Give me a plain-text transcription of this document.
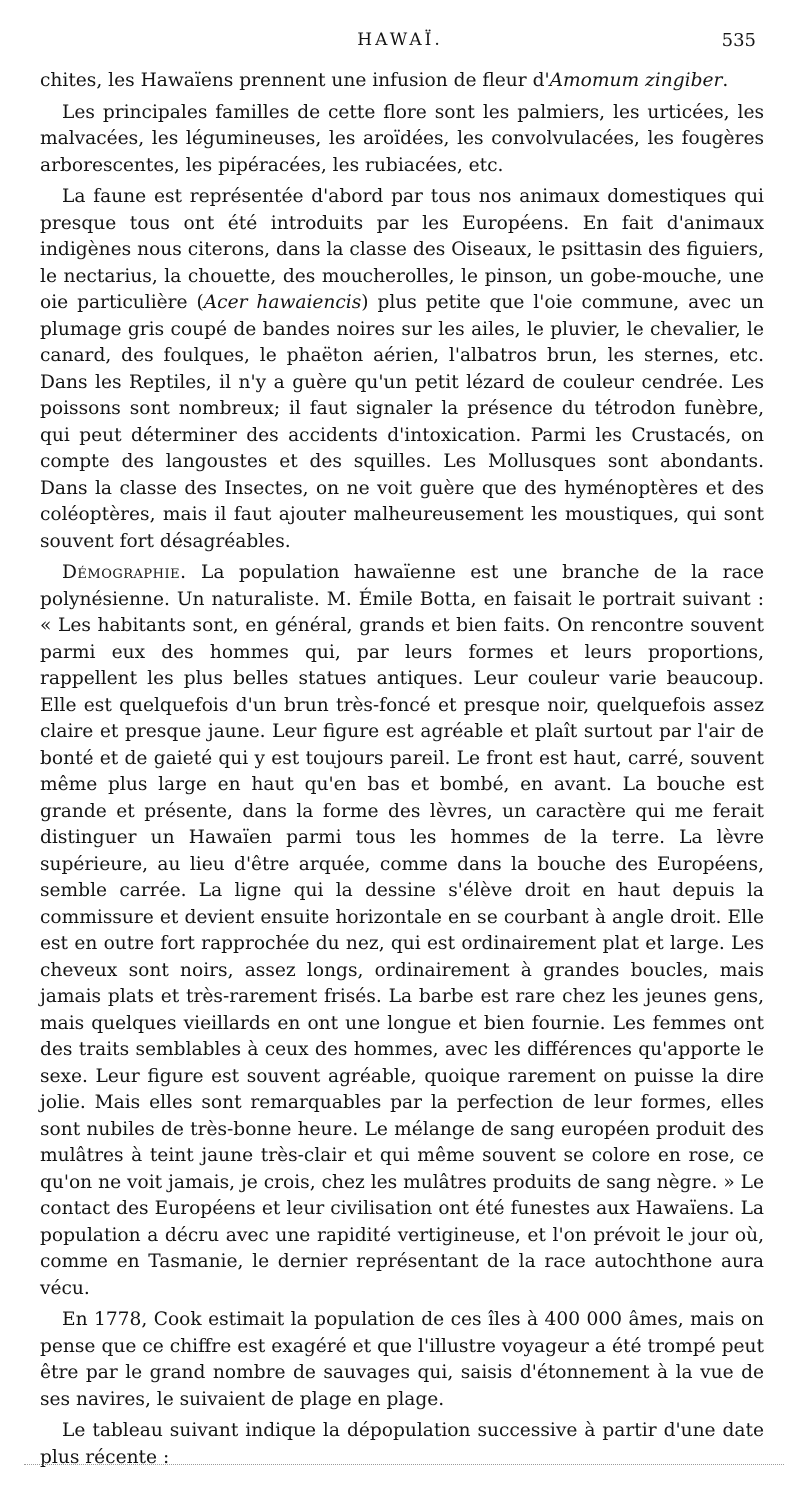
HAWAÏ.	535

chites, les Hawaïens prennent une infusion de fleur d'Amomum zingiber.

Les principales familles de cette flore sont les palmiers, les urticées, les malvacées, les légumineuses, les aroïdées, les convolvulacées, les fougères arborescentes, les pipéracées, les rubiacées, etc.

La faune est représentée d'abord par tous nos animaux domestiques qui presque tous ont été introduits par les Européens. En fait d'animaux indigènes nous citerons, dans la classe des Oiseaux, le psittasin des figuiers, le nectarius, la chouette, des moucherolles, le pinson, un gobe-mouche, une oie particulière (Acer hawaiencis) plus petite que l'oie commune, avec un plumage gris coupé de bandes noires sur les ailes, le pluvier, le chevalier, le canard, des foulques, le phaëton aérien, l'albatros brun, les sternes, etc. Dans les Reptiles, il n'y a guère qu'un petit lézard de couleur cendrée. Les poissons sont nombreux; il faut signaler la présence du tétrodon funèbre, qui peut déterminer des accidents d'intoxication. Parmi les Crustacés, on compte des langoustes et des squilles. Les Mollusques sont abondants. Dans la classe des Insectes, on ne voit guère que des hyménoptères et des coléoptères, mais il faut ajouter malheureusement les moustiques, qui sont souvent fort désagréables.

Démographie. La population hawaïenne est une branche de la race polynésienne. Un naturaliste. M. Émile Botta, en faisait le portrait suivant : « Les habitants sont, en général, grands et bien faits. On rencontre souvent parmi eux des hommes qui, par leurs formes et leurs proportions, rappellent les plus belles statues antiques. Leur couleur varie beaucoup. Elle est quelquefois d'un brun très-foncé et presque noir, quelquefois assez claire et presque jaune. Leur figure est agréable et plaît surtout par l'air de bonté et de gaieté qui y est toujours pareil. Le front est haut, carré, souvent même plus large en haut qu'en bas et bombé, en avant. La bouche est grande et présente, dans la forme des lèvres, un caractère qui me ferait distinguer un Hawaïen parmi tous les hommes de la terre. La lèvre supérieure, au lieu d'être arquée, comme dans la bouche des Européens, semble carrée. La ligne qui la dessine s'élève droit en haut depuis la commissure et devient ensuite horizontale en se courbant à angle droit. Elle est en outre fort rapprochée du nez, qui est ordinairement plat et large. Les cheveux sont noirs, assez longs, ordinairement à grandes boucles, mais jamais plats et très-rarement frisés. La barbe est rare chez les jeunes gens, mais quelques vieillards en ont une longue et bien fournie. Les femmes ont des traits semblables à ceux des hommes, avec les différences qu'apporte le sexe. Leur figure est souvent agréable, quoique rarement on puisse la dire jolie. Mais elles sont remarquables par la perfection de leur formes, elles sont nubiles de très-bonne heure. Le mélange de sang européen produit des mulâtres à teint jaune très-clair et qui même souvent se colore en rose, ce qu'on ne voit jamais, je crois, chez les mulâtres produits de sang nègre. » Le contact des Européens et leur civilisation ont été funestes aux Hawaïens. La population a décru avec une rapidité vertigineuse, et l'on prévoit le jour où, comme en Tasmanie, le dernier représentant de la race autochthone aura vécu.

En 1778, Cook estimait la population de ces îles à 400 000 âmes, mais on pense que ce chiffre est exagéré et que l'illustre voyageur a été trompé peut être par le grand nombre de sauvages qui, saisis d'étonnement à la vue de ses navires, le suivaient de plage en plage.

Le tableau suivant indique la dépopulation successive à partir d'une date plus récente :
